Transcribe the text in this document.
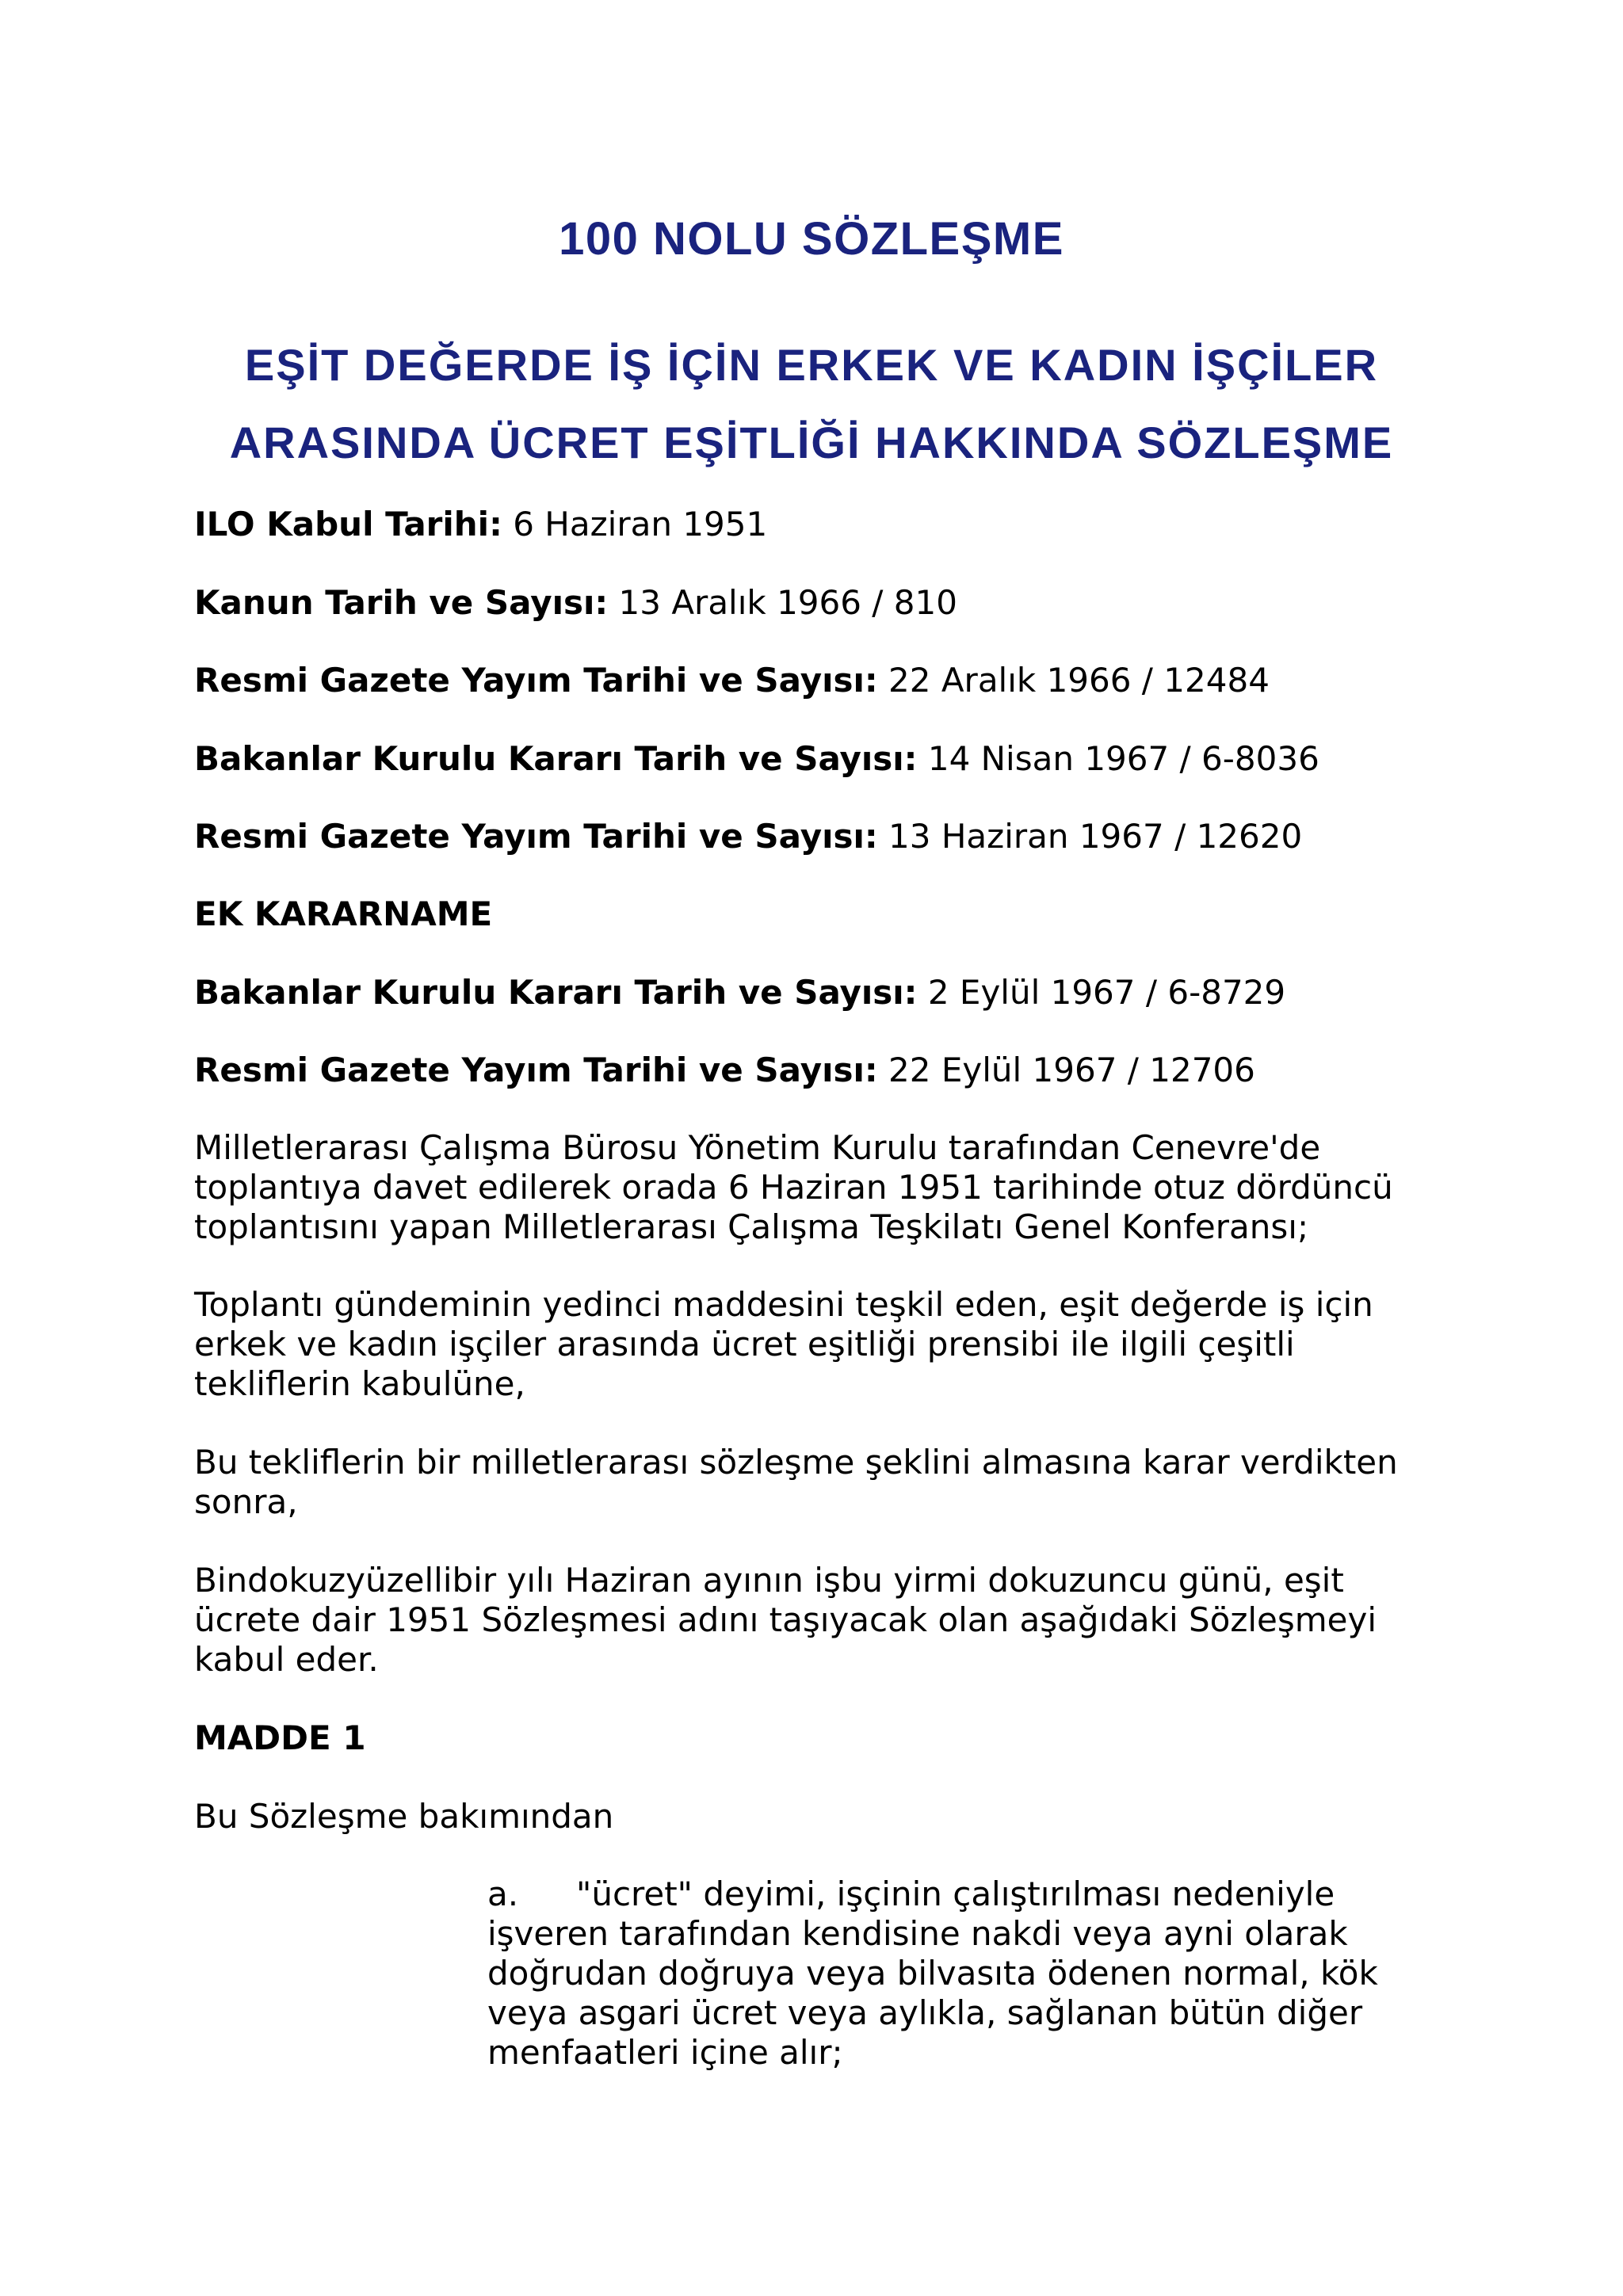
100 NOLU SÖZLEŞME
EŞİT DEĞERDE İŞ İÇİN ERKEK VE KADIN İŞÇİLER
ARASINDA ÜCRET EŞİTLİĞİ HAKKINDA SÖZLEŞME

ILO Kabul Tarihi: 6 Haziran 1951

Kanun Tarih ve Sayısı: 13 Aralık 1966 / 810

Resmi Gazete Yayım Tarihi ve Sayısı: 22 Aralık 1966 / 12484

Bakanlar Kurulu Kararı Tarih ve Sayısı: 14 Nisan 1967 / 6-8036

Resmi Gazete Yayım Tarihi ve Sayısı: 13 Haziran 1967 / 12620

EK KARARNAME

Bakanlar Kurulu Kararı Tarih ve Sayısı: 2 Eylül 1967 / 6-8729

Resmi Gazete Yayım Tarihi ve Sayısı: 22 Eylül 1967 / 12706

Milletlerarası Çalışma Bürosu Yönetim Kurulu tarafından Cenevre'de
toplantıya davet edilerek orada 6 Haziran 1951 tarihinde otuz dördüncü
toplantısını yapan Milletlerarası Çalışma Teşkilatı Genel Konferansı;

Toplantı gündeminin yedinci maddesini teşkil eden, eşit değerde iş için
erkek ve kadın işçiler arasında ücret eşitliği prensibi ile ilgili çeşitli
tekliflerin kabulüne,

Bu tekliflerin bir milletlerarası sözleşme şeklini almasına karar verdikten
sonra,

Bindokuzyüzellibir yılı Haziran ayının işbu yirmi dokuzuncu günü, eşit
ücrete dair 1951 Sözleşmesi adını taşıyacak olan aşağıdaki Sözleşmeyi
kabul eder.

MADDE 1

Bu Sözleşme bakımından

a. "ücret" deyimi, işçinin çalıştırılması nedeniyle
işveren tarafından kendisine nakdi veya ayni olarak
doğrudan doğruya veya bilvasıta ödenen normal, kök
veya asgari ücret veya aylıkla, sağlanan bütün diğer
menfaatleri içine alır;
